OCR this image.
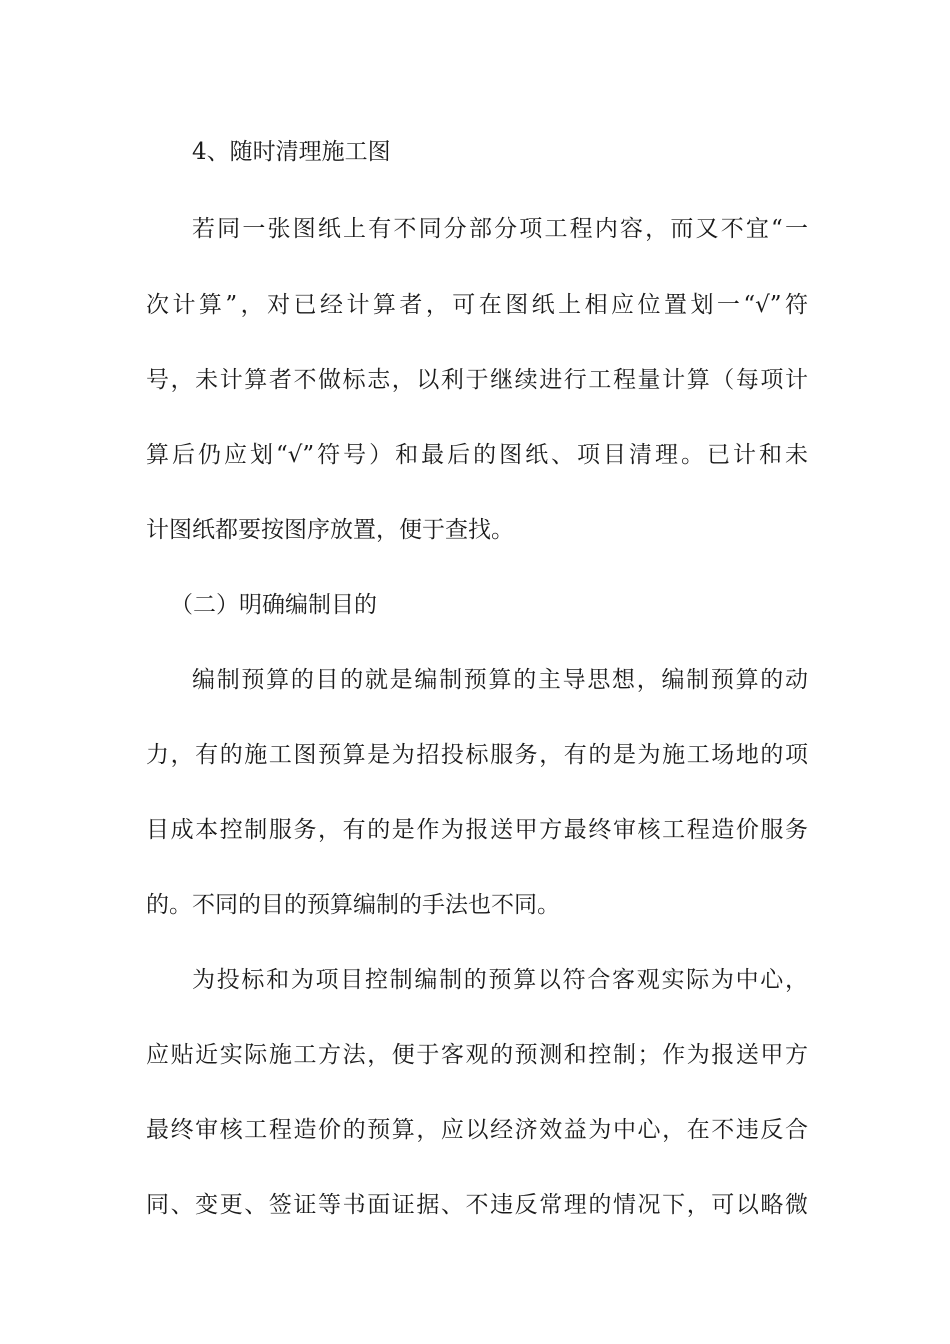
4、随时清理施工图
若同一张图纸上有不同分部分项工程内容，而又不宜“一
次计算”，对已经计算者，可在图纸上相应位置划一“√”符
号，未计算者不做标志，以利于继续进行工程量计算（每项计
算后仍应划“√”符号）和最后的图纸、项目清理。已计和未
计图纸都要按图序放置，便于查找。
（二）明确编制目的
编制预算的目的就是编制预算的主导思想，编制预算的动
力，有的施工图预算是为招投标服务，有的是为施工场地的项
目成本控制服务，有的是作为报送甲方最终审核工程造价服务
的。不同的目的预算编制的手法也不同。
为投标和为项目控制编制的预算以符合客观实际为中心，
应贴近实际施工方法，便于客观的预测和控制；作为报送甲方
最终审核工程造价的预算，应以经济效益为中心，在不违反合
同、变更、签证等书面证据、不违反常理的情况下，可以略微
